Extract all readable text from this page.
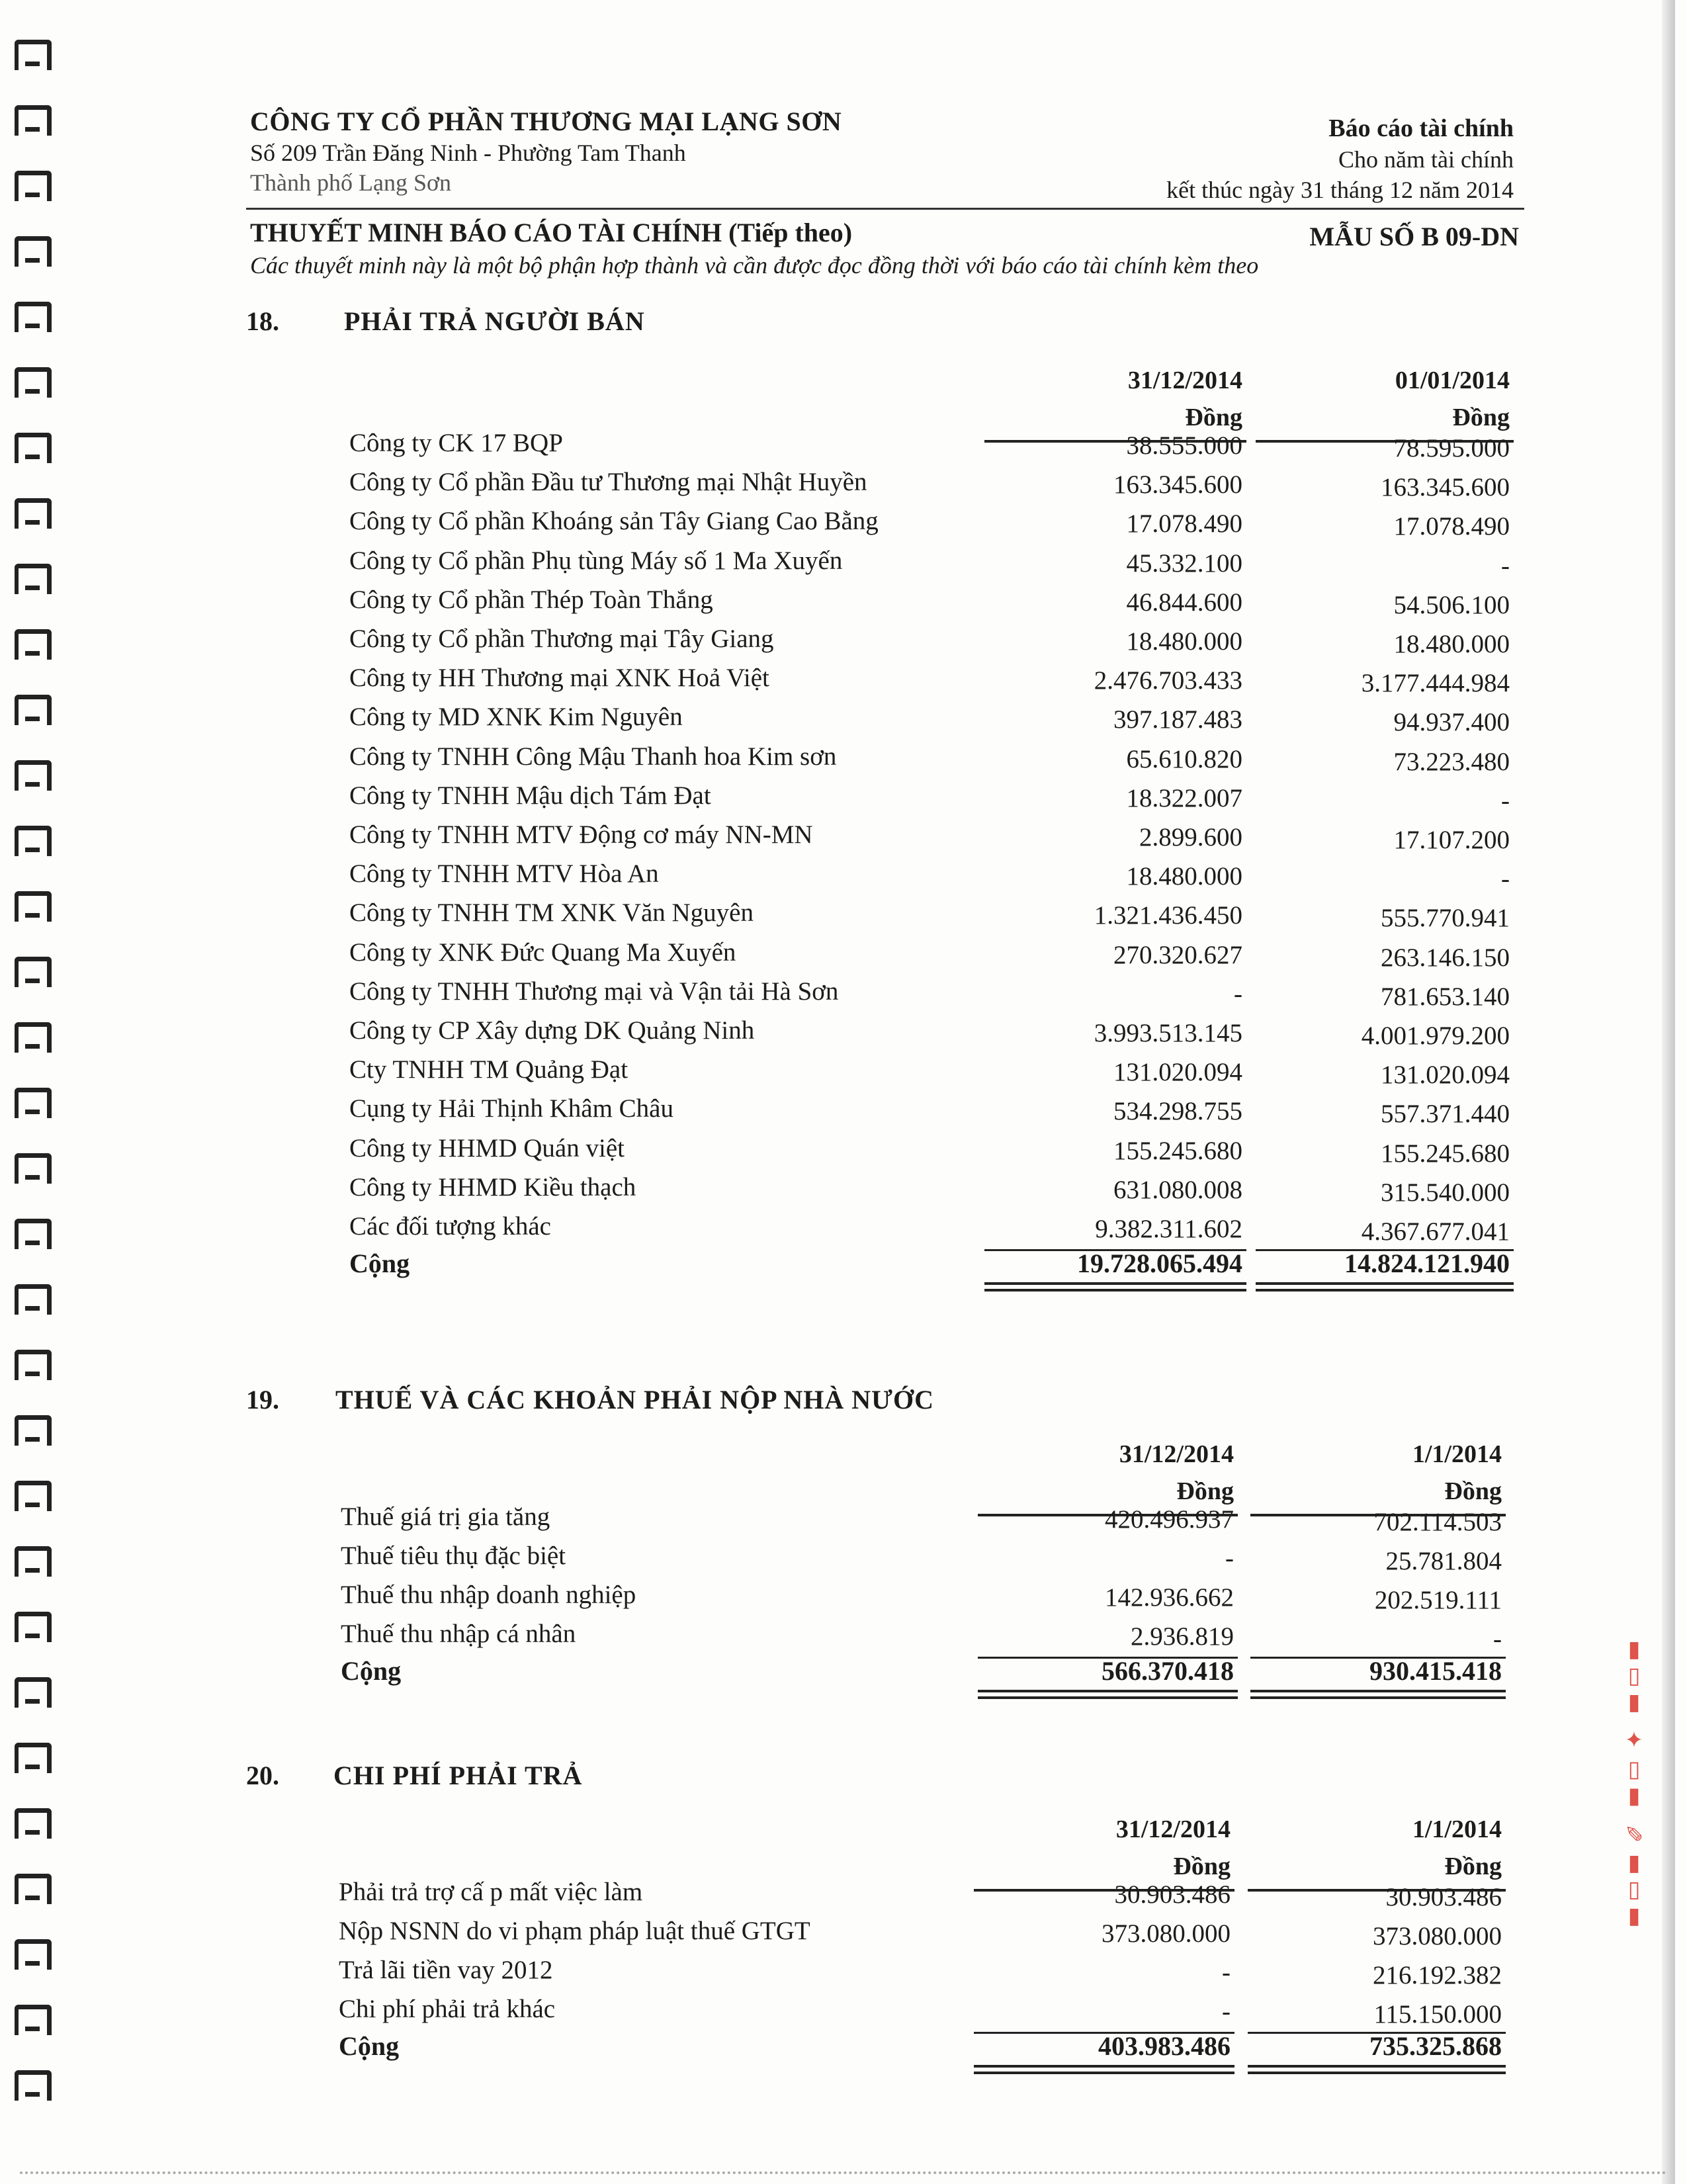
CÔNG TY CỔ PHẦN THƯƠNG MẠI LẠNG SƠN
Số 209 Trần Đăng Ninh - Phường Tam Thanh
Thành phố Lạng Sơn
Báo cáo tài chính
Cho năm tài chính
kết thúc ngày 31 tháng 12 năm 2014
THUYẾT MINH BÁO CÁO TÀI CHÍNH (Tiếp theo)	MẪU SỐ B 09-DN
Các thuyết minh này là một bộ phận hợp thành và cần được đọc đồng thời với báo cáo tài chính kèm theo
18. PHẢI TRẢ NGƯỜI BÁN
31/12/2014	01/01/2014
Đồng	Đồng
Công ty CK 17 BQP	38.555.000	78.595.000
Công ty Cổ phần Đầu tư Thương mại Nhật Huyền	163.345.600	163.345.600
Công ty Cổ phần Khoáng sản Tây Giang Cao Bằng	17.078.490	17.078.490
Công ty Cổ phần Phụ tùng Máy số 1 Ma Xuyến	45.332.100	-
Công ty Cổ phần Thép Toàn Thắng	46.844.600	54.506.100
Công ty Cổ phần Thương mại Tây Giang	18.480.000	18.480.000
Công ty HH Thương mại XNK Hoả Việt	2.476.703.433	3.177.444.984
Công ty MD XNK Kim Nguyên	397.187.483	94.937.400
Công ty TNHH Công Mậu Thanh hoa Kim sơn	65.610.820	73.223.480
Công ty TNHH Mậu dịch Tám Đạt	18.322.007	-
Công ty TNHH MTV Động cơ máy NN-MN	2.899.600	17.107.200
Công ty TNHH MTV Hòa An	18.480.000	-
Công ty TNHH TM XNK Văn Nguyên	1.321.436.450	555.770.941
Công ty XNK Đức Quang Ma Xuyến	270.320.627	263.146.150
Công ty TNHH Thương mại và Vận tải Hà Sơn	-	781.653.140
Công ty CP Xây dựng DK Quảng Ninh	3.993.513.145	4.001.979.200
Cty TNHH TM Quảng Đạt	131.020.094	131.020.094
Cụng ty Hải Thịnh Khâm Châu	534.298.755	557.371.440
Công ty HHMD Quán việt	155.245.680	155.245.680
Công ty HHMD Kiều thạch	631.080.008	315.540.000
Các đối tượng khác	9.382.311.602	4.367.677.041
Cộng	19.728.065.494	14.824.121.940
19. THUẾ VÀ CÁC KHOẢN PHẢI NỘP NHÀ NƯỚC
31/12/2014	1/1/2014
Đồng	Đồng
Thuế giá trị gia tăng	420.496.937	702.114.503
Thuế tiêu thụ đặc biệt	-	25.781.804
Thuế thu nhập doanh nghiệp	142.936.662	202.519.111
Thuế thu nhập cá nhân	2.936.819	-
Cộng	566.370.418	930.415.418
20. CHI PHÍ PHẢI TRẢ
31/12/2014	1/1/2014
Đồng	Đồng
Phải trả trợ cấ p mất việc làm	30.903.486	30.903.486
Nộp NSNN do vi phạm pháp luật thuế GTGT	373.080.000	373.080.000
Trả lãi tiền vay 2012	-	216.192.382
Chi phí phải trả khác	-	115.150.000
Cộng	403.983.486	735.325.868
▮▯▮ ✎ ▮▯ ✦ ▮▯▮
